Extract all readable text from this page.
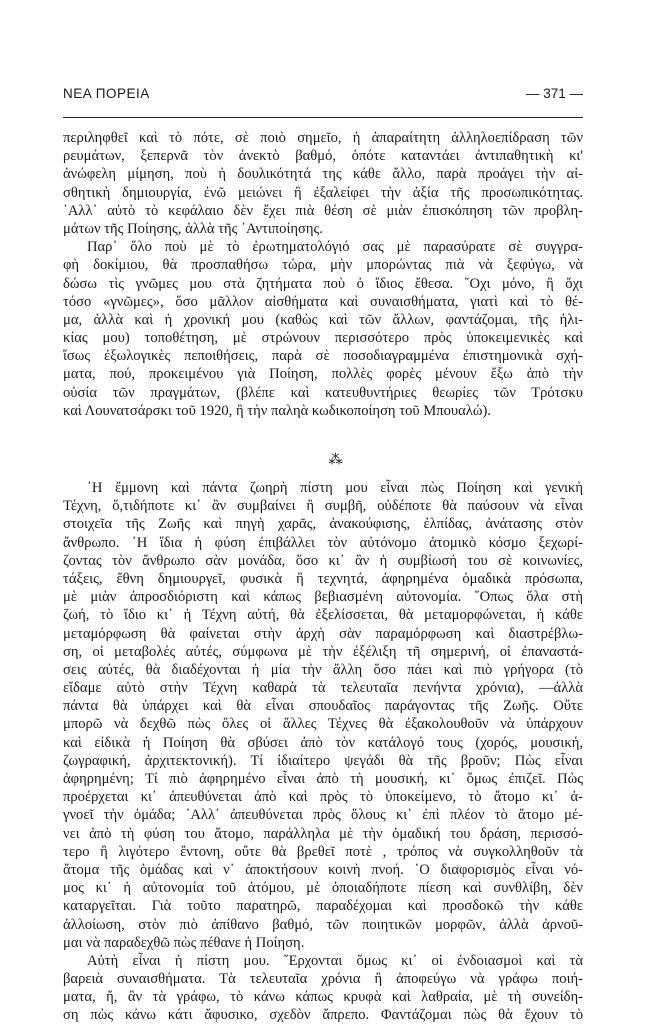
ΝΕΑ ΠΟΡΕΙΑ	— 371 —
περιληφθεῖ καὶ τὸ πότε, σὲ ποιὸ σημεῖο, ἡ ἀπαραίτητη ἀλληλοεπίδραση τῶν
ρευμάτων, ξεπερνᾶ τὸν ἀνεκτὸ βαθμό, ὁπότε καταντάει ἀντιπαθητικὴ κι'
ἀνώφελη μίμηση, ποὺ ἡ δουλικότητά της κάθε ἄλλο, παρὰ προάγει τὴν αἰ-
σθητικὴ δημιουργία, ἐνῶ μειώνει ἢ ἐξαλείφει τὴν ἀξία τῆς προσωπικότητας.
᾿Αλλ᾿ αὐτὸ τὸ κεφάλαιο δὲν ἔχει πιὰ θέση σὲ μιὰν ἐπισκόπηση τῶν προβλη-
μάτων τῆς Ποίησης, ἀλλὰ τῆς ᾿Αντιποίησης.
Παρ᾿ ὅλο ποὺ μὲ τὸ ἐρωτηματολόγιό σας μὲ παρασύρατε σὲ συγγρα-
φὴ δοκίμιου, θὰ προσπαθήσω τώρα, μὴν μπορώντας πιὰ νὰ ξεφύγω, νὰ
δώσω τὶς γνῶμες μου στὰ ζητήματα ποὺ ὁ ἴδιος ἔθεσα. ῞Οχι μόνο, ἢ ὄχι
τόσο «γνῶμες», ὅσο μᾶλλον αἰσθήματα καὶ συναισθήματα, γιατὶ καὶ τὸ θέ-
μα, ἀλλὰ καὶ ἡ χρονική μου (καθὼς καὶ τῶν ἄλλων, φαντάζομαι, τῆς ἡλι-
κίας μου) τοποθέτηση, μὲ στρώνουν περισσότερο πρὸς ὑποκειμενικὲς καὶ
ἴσως ἐξωλογικὲς πεποιθήσεις, παρὰ σὲ ποσοδιαγραμμένα ἐπιστημονικὰ σχή-
ματα, πού, προκειμένου γιὰ Ποίηση, πολλὲς φορὲς μένουν ἔξω ἀπὸ τὴν
οὐσία τῶν πραγμάτων, (βλέπε καὶ κατευθυντήριες θεωρίες τῶν Τρότσκυ
καὶ Λουνατσάρσκι τοῦ 1920, ἢ τὴν παληὰ κωδικοποίηση τοῦ Μπουαλώ).
⁂
῾Η ἔμμονη καὶ πάντα ζωηρὴ πίστη μου εἶναι πὼς Ποίηση καὶ γενικὴ
Τέχνη, ὅ,τιδήποτε κι᾿ ἂν συμβαίνει ἢ συμβῆ, οὐδέποτε θὰ παύσουν νὰ εἶναι
στοιχεῖα τῆς Ζωῆς καὶ πηγὴ χαρᾶς, ἀνακούφισης, ἐλπίδας, ἀνάτασης στὸν
ἄνθρωπο. ῾Η ἴδια ἡ φύση ἐπιβάλλει τὸν αὐτόνομο ἀτομικὸ κόσμο ξεχωρί-
ζοντας τὸν ἄνθρωπο σὰν μονάδα, ὅσο κι᾿ ἂν ἡ συμβίωσή του σὲ κοινωνίες,
τάξεις, ἔθνη δημιουργεῖ, φυσικὰ ἢ τεχνητά, ἀφηρημένα ὁμαδικὰ πρόσωπα,
μὲ μιὰν ἀπροσδιόριστη καὶ κάπως βεβιασμένη αὐτονομία. ῞Οπως ὅλα στὴ
ζωή, τὸ ἴδιο κι᾿ ἡ Τέχνη αὐτή, θὰ ἐξελίσσεται, θὰ μεταμορφώνεται, ἡ κάθε
μεταμόρφωση θὰ φαίνεται στὴν ἀρχὴ σὰν παραμόρφωση καὶ διαστρέβλω-
ση, οἱ μεταβολές αὐτές, σύμφωνα μὲ τὴν ἐξέλιξη τῆ σημερινή, οἱ ἐπαναστά-
σεις αὐτές, θὰ διαδέχονται ἡ μία τὴν ἄλλη ὅσο πάει καὶ πιὸ γρήγορα (τὸ
εἴδαμε αὐτὸ στὴν Τέχνη καθαρὰ τὰ τελευταῖα πενήντα χρόνια), —ἀλλὰ
πάντα θὰ ὑπάρχει καὶ θὰ εἶναι σπουδαῖος παράγοντας τῆς Ζωῆς. Οὔτε
μπορῶ νὰ δεχθῶ πὼς ὅλες οἱ ἄλλες Τέχνες θὰ ἐξακολουθοῦν νὰ ὑπάρχουν
καὶ εἰδικὰ ἡ Ποίηση θὰ σβύσει ἀπὸ τὸν κατάλογό τους (χορός, μουσική,
ζωγραφική, ἀρχιτεκτονική). Τί ἰδιαίτερο ψεγάδι θὰ τῆς βροῦν; Πὼς εἶναι
ἀφηρημένη; Τί πιὸ ἀφηρημένο εἶναι ἀπὸ τὴ μουσική, κι᾿ ὅμως ἐπιζεῖ. Πὼς
προέρχεται κι᾿ ἀπευθύνεται ἀπὸ καὶ πρὸς τὸ ὑποκείμενο, τὸ ἄτομο κι᾿ ἀ-
γνοεῖ τὴν ὁμάδα; ᾿Αλλ᾿ ἀπευθύνεται πρὸς ὅλους κι᾿ ἐπὶ πλέον τὸ ἄτομο μέ-
νει ἀπὸ τὴ φύση του ἄτομο, παράλληλα μὲ τὴν ὁμαδική του δράση, περισσό-
τερο ἢ λιγότερο ἔντονη, οὔτε θὰ βρεθεῖ ποτὲ , τρόπος νὰ συγκολληθοῦν τὰ
ἄτομα τῆς ὁμάδας καὶ ν᾿ ἀποκτήσουν κοινὴ πνοή. ῾Ο διαφορισμὸς εἶναι νό-
μος κι᾿ ἡ αὐτονομία τοῦ ἀτόμου, μὲ ὁποιαδήποτε πίεση καὶ συνθλίβη, δὲν
καταργεῖται. Γιὰ τοῦτο παρατηρῶ, παραδέχομαι καὶ προσδοκῶ τὴν κάθε
ἀλλοίωση, στὸν πιὸ ἀπίθανο βαθμό, τῶν ποιητικῶν μορφῶν, ἀλλὰ ἀρνοῦ-
μαι νὰ παραδεχθῶ πὼς πέθανε ἡ Ποίηση.
Αὐτὴ εἶναι ἡ πίστη μου. ῎Ερχονται ὅμως κι᾿ οἱ ἐνδοιασμοὶ καὶ τὰ
βαρειὰ συναισθήματα. Τὰ τελευταῖα χρόνια ἢ ἀποφεύγω νὰ γράφω ποιή-
ματα, ἤ, ἂν τὰ γράφω, τὸ κάνω κάπως κρυφὰ καὶ λαθραία, μὲ τὴ συνείδη-
ση πὼς κάνω κάτι ἄφυσικο, σχεδὸν ἄπρεπο. Φαντάζομαι πὼς θὰ ἔχουν τὸ
